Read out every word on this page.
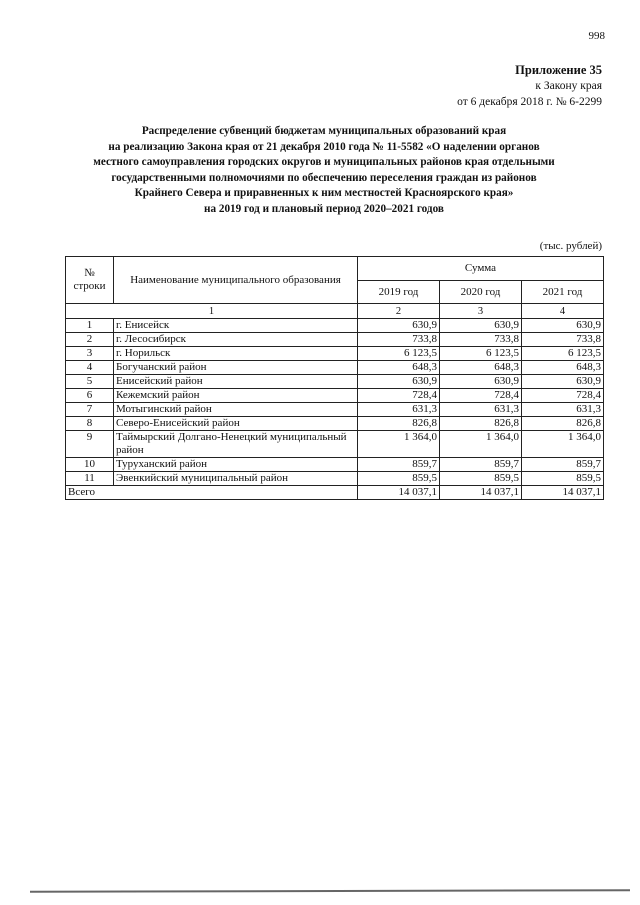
998
Приложение 35
к Закону края
от 6 декабря 2018 г. № 6-2299
Распределение субвенций бюджетам муниципальных образований края
на реализацию Закона края от 21 декабря 2010 года № 11-5582 «О наделении органов
местного самоуправления городских округов и муниципальных районов края отдельными
государственными полномочиями по обеспечению переселения граждан из районов
Крайнего Севера и приравненных к ним местностей Красноярского края»
на 2019 год и плановый период 2020–2021 годов
(тыс. рублей)
№
строки	Наименование муниципального образования	Сумма		
		2019 год	2020 год	2021 год
1		2	3	4
1	г. Енисейск	630,9	630,9	630,9
2	г. Лесосибирск	733,8	733,8	733,8
3	г. Норильск	6 123,5	6 123,5	6 123,5
4	Богучанский район	648,3	648,3	648,3
5	Енисейский район	630,9	630,9	630,9
6	Кежемский район	728,4	728,4	728,4
7	Мотыгинский район	631,3	631,3	631,3
8	Северо-Енисейский район	826,8	826,8	826,8
9	Таймырский Долгано-Ненецкий муниципальный район	1 364,0	1 364,0	1 364,0
10	Туруханский район	859,7	859,7	859,7
11	Эвенкийский муниципальный район	859,5	859,5	859,5
Всего		14 037,1	14 037,1	14 037,1
